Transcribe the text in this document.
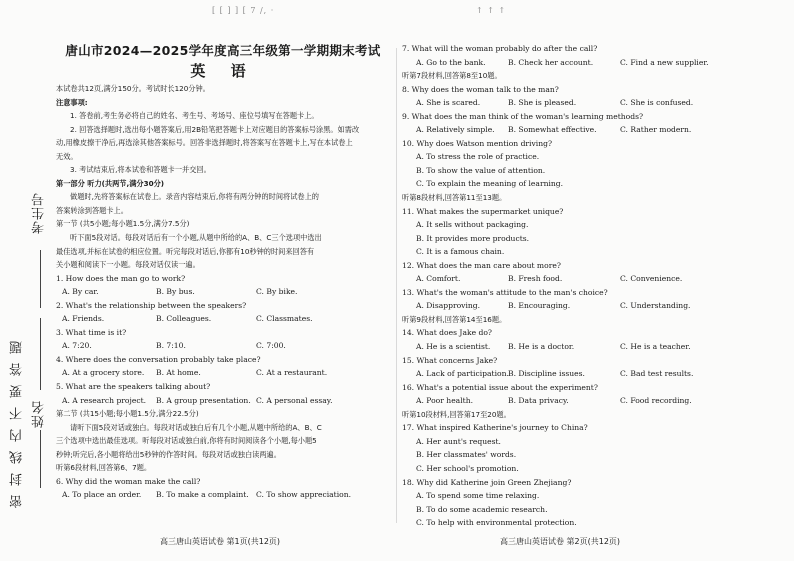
[ [ ] ] [ 7 /, ·	↑ ↑ ↑
密封线内不要答题
考生号
姓名
唐山市2024—2025学年度高三年级第一学期期末考试
英 语
本试卷共12页,满分150分。考试时长120分钟。
注意事项:
1. 答卷前,考生务必将自己的姓名、考生号、考场号、座位号填写在答题卡上。
2. 回答选择题时,选出每小题答案后,用2B铅笔把答题卡上对应题目的答案标号涂黑。如需改
动,用橡皮擦干净后,再选涂其他答案标号。回答非选择题时,将答案写在答题卡上,写在本试卷上
无效。
3. 考试结束后,将本试卷和答题卡一并交回。
第一部分 听力(共两节,满分30分)
做题时,先将答案标在试卷上。录音内容结束后,你将有两分钟的时间将试卷上的
答案转涂到答题卡上。
第一节 (共5小题;每小题1.5分,满分7.5分)
听下面5段对话。每段对话后有一个小题,从题中所给的A、B、C三个选项中选出
最佳选项,并标在试卷的相应位置。听完每段对话后,你都有10秒钟的时间来回答有
关小题和阅读下一小题。每段对话仅读一遍。
1. How does the man go to work?
A. By car.	B. By bus.	C. By bike.
2. What's the relationship between the speakers?
A. Friends.	B. Colleagues.	C. Classmates.
3. What time is it?
A. 7:20.	B. 7:10.	C. 7:00.
4. Where does the conversation probably take place?
A. At a grocery store.	B. At home.	C. At a restaurant.
5. What are the speakers talking about?
A. A research project.	B. A group presentation. C. A personal essay.
第二节 (共15小题;每小题1.5分,满分22.5分)
请听下面5段对话或独白。每段对话或独白后有几个小题,从题中所给的A、B、C
三个选项中选出最佳选项。听每段对话或独白前,你将有时间阅读各个小题,每小题5
秒钟;听完后,各小题将给出5秒钟的作答时间。每段对话或独白读两遍。
听第6段材料,回答第6、7题。
6. Why did the woman make the call?
A. To place an order.	B. To make a complaint. C. To show appreciation.
7. What will the woman probably do after the call?
A. Go to the bank.	B. Check her account.	C. Find a new supplier.
听第7段材料,回答第8至10题。
8. Why does the woman talk to the man?
A. She is scared.	B. She is pleased.	C. She is confused.
9. What does the man think of the woman's learning methods?
A. Relatively simple.	B. Somewhat effective.	C. Rather modern.
10. Why does Watson mention driving?
A. To stress the role of practice.
B. To show the value of attention.
C. To explain the meaning of learning.
听第8段材料,回答第11至13题。
11. What makes the supermarket unique?
A. It sells without packaging.
B. It provides more products.
C. It is a famous chain.
12. What does the man care about more?
A. Comfort.	B. Fresh food.	C. Convenience.
13. What's the woman's attitude to the man's choice?
A. Disapproving.	B. Encouraging.	C. Understanding.
听第9段材料,回答第14至16题。
14. What does Jake do?
A. He is a scientist.	B. He is a doctor.	C. He is a teacher.
15. What concerns Jake?
A. Lack of participation. B. Discipline issues.	C. Bad test results.
16. What's a potential issue about the experiment?
A. Poor health.	B. Data privacy.	C. Food recording.
听第10段材料,回答第17至20题。
17. What inspired Katherine's journey to China?
A. Her aunt's request.
B. Her classmates' words.
C. Her school's promotion.
18. Why did Katherine join Green Zhejiang?
A. To spend some time relaxing.
B. To do some academic research.
C. To help with environmental protection.
高三唐山英语试卷 第1页(共12页)	高三唐山英语试卷 第2页(共12页)
